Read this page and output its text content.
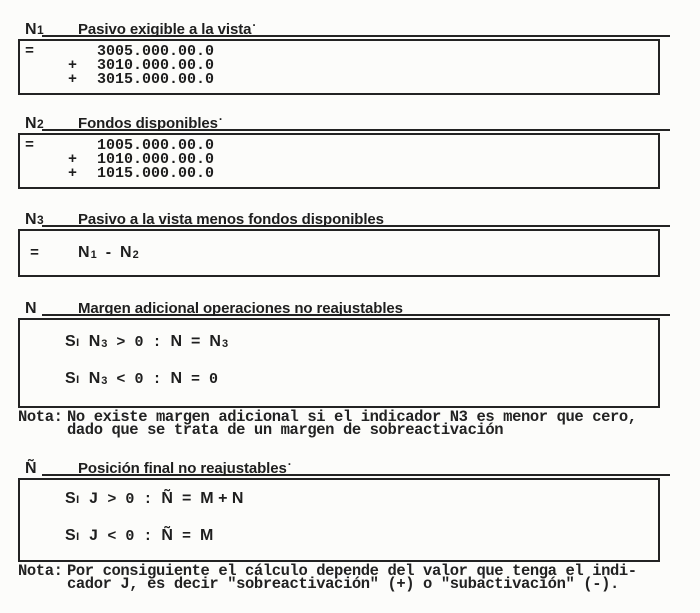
N1	Pasivo exigible a la vista·
=	3005.000.00.0
+ 3010.000.00.0
+ 3015.000.00.0
N2	Fondos disponibles·
=	1005.000.00.0
+ 1010.000.00.0
+ 1015.000.00.0
N3	Pasivo a la vista menos fondos disponibles
= N1 - N2
N	Margen adicional operaciones no reajustables
Si N3 > 0 : N = N3
Si N3 < 0 : N = 0
Nota: No existe margen adicional si el indicador N3 es menor que cero,
dado que se trata de un margen de sobreactivación
Ñ	Posición final no reajustables·
Si J > 0 : Ñ = M + N
Si J < 0 : Ñ = M
Nota: Por consiguiente el cálculo depende del valor que tenga el indi-
cador J, es decir "sobreactivación" (+) o "subactivación" (-).
